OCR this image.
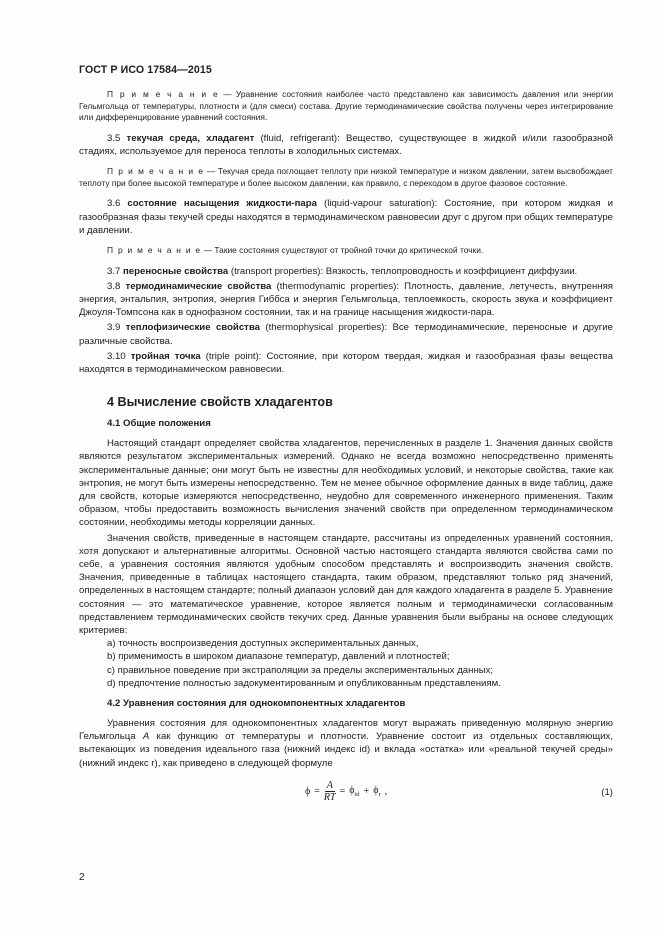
ГОСТ Р ИСО 17584—2015

П р и м е ч а н и е — Уравнение состояния наиболее часто представлено как зависимость давления или энергии Гельмгольца от температуры, плотности и (для смеси) состава. Другие термодинамические свойства получены через интегрирование или дифференцирование уравнений состояния.

3.5 текучая среда, хладагент (fluid, refrigerant): Вещество, существующее в жидкой и/или газообразной стадиях, используемое для переноса теплоты в холодильных системах.

П р и м е ч а н и е — Текучая среда поглощает теплоту при низкой температуре и низком давлении, затем высвобождает теплоту при более высокой температуре и более высоком давлении, как правило, с переходом в другое фазовое состояние.

3.6 состояние насыщения жидкости-пара (liquid-vapour saturation): Состояние, при котором жидкая и газообразная фазы текучей среды находятся в термодинамическом равновесии друг с другом при общих температуре и давлении.

П р и м е ч а н и е — Такие состояния существуют от тройной точки до критической точки.

3.7 переносные свойства (transport properties): Вязкость, теплопроводность и коэффициент диффузии.

3.8 термодинамические свойства (thermodynamic properties): Плотность, давление, летучесть, внутренняя энергия, энтальпия, энтропия, энергия Гиббса и энергия Гельмгольца, теплоемкость, скорость звука и коэффициент Джоуля-Томпсона как в однофазном состоянии, так и на границе насыщения жидкости-пара.

3.9 теплофизические свойства (thermophysical properties): Все термодинамические, переносные и другие различные свойства.

3.10 тройная точка (triple point): Состояние, при котором твердая, жидкая и газообразная фазы вещества находятся в термодинамическом равновесии.

4 Вычисление свойств хладагентов
4.1 Общие положения

Настоящий стандарт определяет свойства хладагентов, перечисленных в разделе 1. Значения данных свойств являются результатом экспериментальных измерений. Однако не всегда возможно непосредственно применять экспериментальные данные; они могут быть не известны для необходимых условий, и некоторые свойства, такие как энтропия, не могут быть измерены непосредственно. Тем не менее обычное оформление данных в виде таблиц, даже для свойств, которые измеряются непосредственно, неудобно для современного инженерного применения. Таким образом, чтобы предоставить возможность вычисления значений свойств при определенном термодинамическом состоянии, необходимы методы корреляции данных.

Значения свойств, приведенные в настоящем стандарте, рассчитаны из определенных уравнений состояния, хотя допускают и альтернативные алгоритмы. Основной частью настоящего стандарта являются свойства сами по себе, а уравнения состояния являются удобным способом представлять и воспроизводить значения свойств. Значения, приведенные в таблицах настоящего стандарта, таким образом, представляют только ряд значений, определенных в настоящем стандарте; полный диапазон условий дан для каждого хладагента в разделе 5. Уравнение состояния — это математическое уравнение, которое является полным и термодинамически согласованным представлением термодинамических свойств текучих сред. Данные уравнения были выбраны на основе следующих критериев:

a) точность воспроизведения доступных экспериментальных данных,

b) применимость в широком диапазоне температур, давлений и плотностей;

c) правильное поведение при экстраполяции за пределы экспериментальных данных;

d) предпочтение полностью задокументированным и опубликованным представлениям.

4.2 Уравнения состояния для однокомпонентных хладагентов

Уравнения состояния для однокомпонентных хладагентов могут выражать приведенную молярную энергию Гельмгольца A как функцию от температуры и плотности. Уравнение состоит из отдельных составляющих, вытекающих из поведения идеального газа (нижний индекс id) и вклада «остатка» или «реальной текучей среды» (нижний индекс r), как приведено в следующей формуле

$\phi = \frac{A}{RT} = \phi_{id} + \phi_r$ ,	(1)
2
